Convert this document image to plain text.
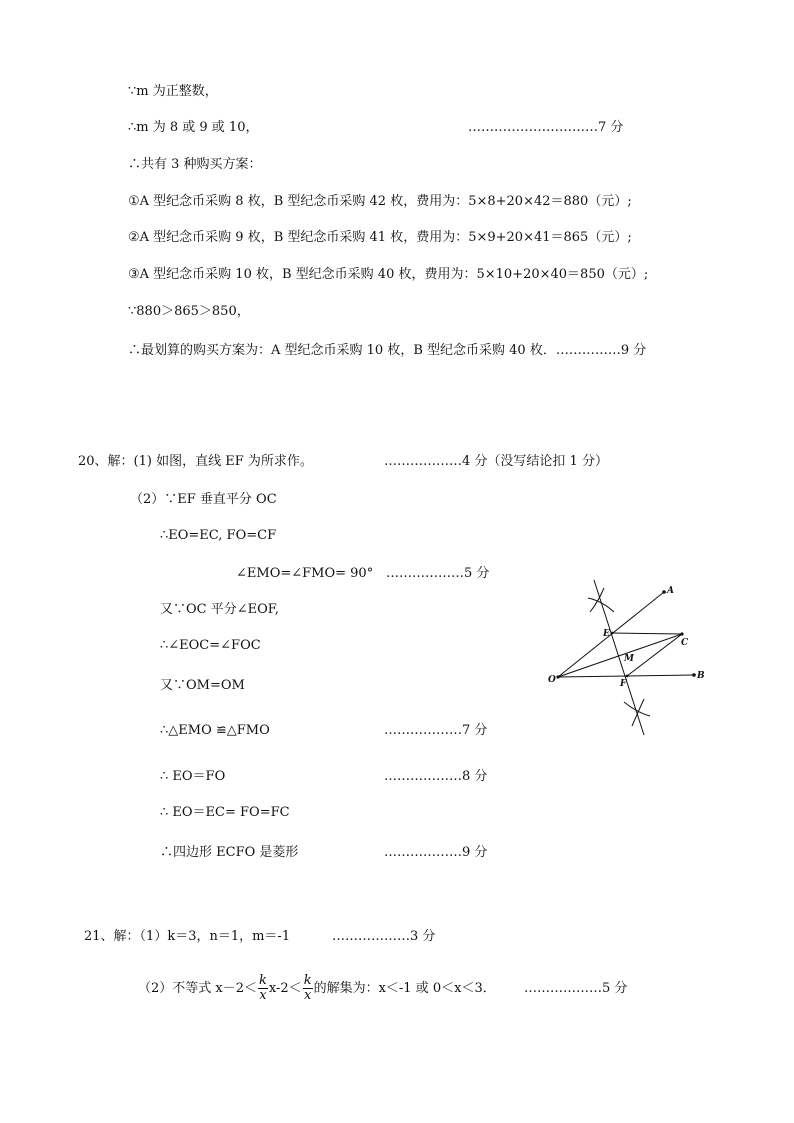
∵m 为正整数，
∴m 为 8 或 9 或 10，	…………………………7 分
∴共有 3 种购买方案：
①A 型纪念币采购 8 枚，B 型纪念币采购 42 枚，费用为：5×8+20×42＝880（元）;
②A 型纪念币采购 9 枚，B 型纪念币采购 41 枚，费用为：5×9+20×41＝865（元）;
③A 型纪念币采购 10 枚，B 型纪念币采购 40 枚，费用为：5×10+20×40＝850（元）;
∵880＞865＞850，
∴最划算的购买方案为：A 型纪念币采购 10 枚，B 型纪念币采购 40 枚．……………9 分
20、解：(1) 如图，直线 EF 为所求作。	………………4 分（没写结论扣 1 分）
（2）∵EF 垂直平分 OC
∴EO=EC, FO=CF
∠EMO=∠FMO= 90° ………………5 分
又∵OC 平分∠EOF,
∴∠EOC=∠FOC
又∵OM=OM
∴△EMO ≌△FMO	………………7 分
∴ EO＝FO	………………8 分
∴ EO＝EC= FO=FC
∴四边形 ECFO 是菱形	………………9 分
A
B
C
E
F
M
O
21、解：（1）k＝3，n＝1，m＝-1	………………3 分
（2）不等式 $x-2< \frac{k}{x} x-2< \frac{k}{x}$ 的解集为：x＜-1 或 0＜x＜3． ………………5 分
